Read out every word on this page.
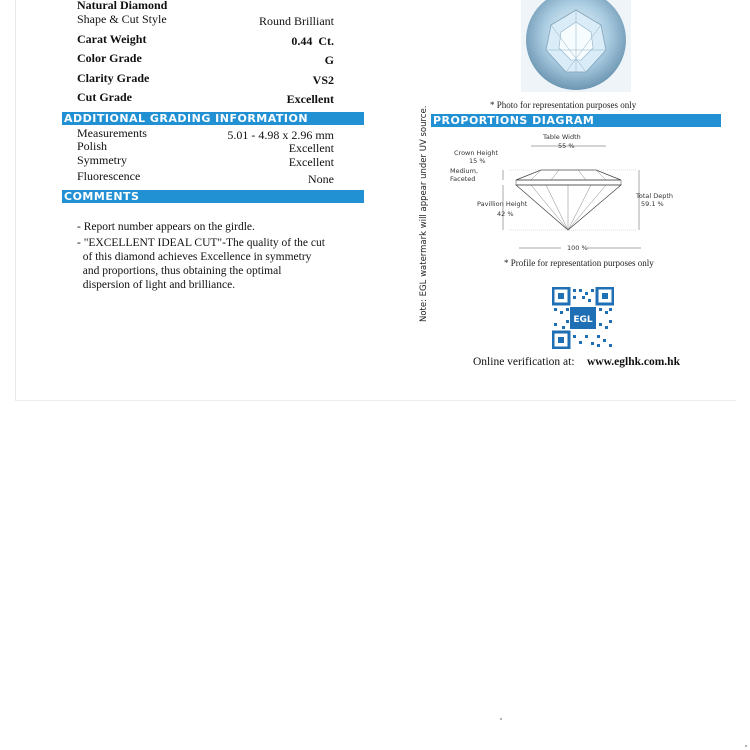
Natural Diamond
Shape & Cut Style	Round Brilliant
Carat Weight	0.44  Ct.
Color Grade	G
Clarity Grade	VS2
Cut Grade	Excellent
ADDITIONAL GRADING INFORMATION
Measurements	5.01 - 4.98 x 2.96 mm
Polish	Excellent
Symmetry	Excellent
Fluorescence	None
COMMENTS
- Report number appears on the girdle.
- "EXCELLENT IDEAL CUT"-The quality of the cut
of this diamond achieves Excellence in symmetry
and proportions, thus obtaining the optimal
dispersion of light and brilliance.	Note: EGL watermark will appear under UV source.
* Photo for representation purposes only
PROPORTIONS DIAGRAM
Table Width
55 %
Crown Height
15 %
Medium,
Faceted
Pavillion Height
42 %
Total Depth
59.1 %
100 %
* Profile for representation purposes only
EGL
Online verification at: www.eglhk.com.hk
